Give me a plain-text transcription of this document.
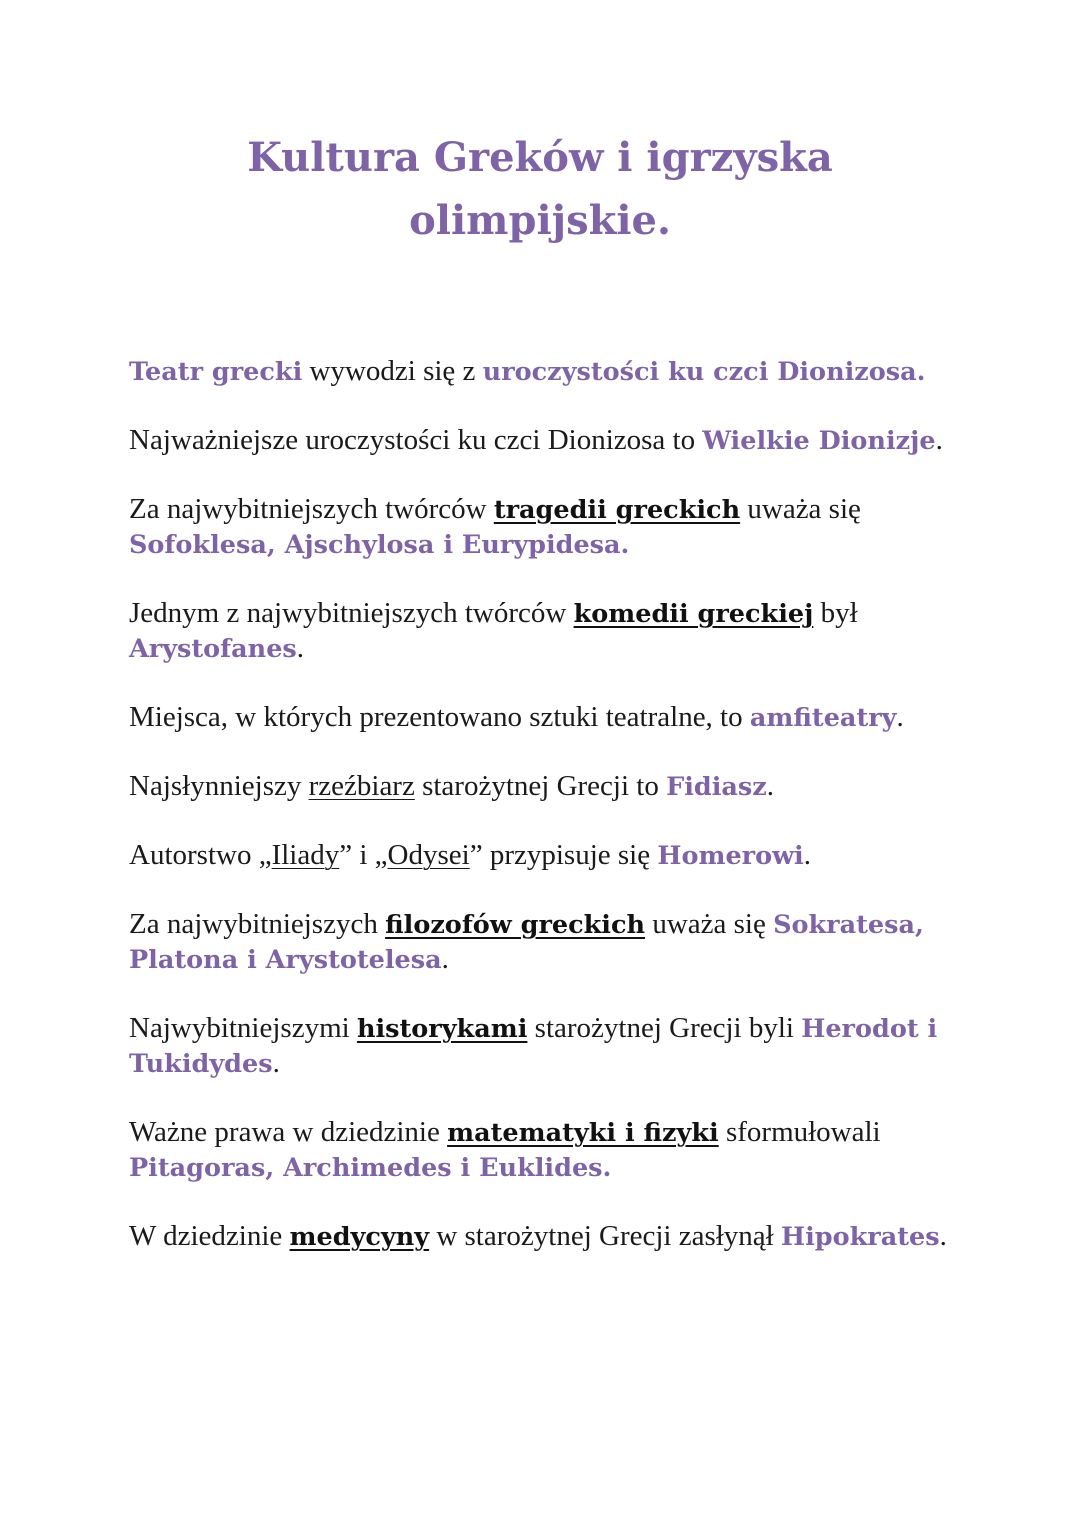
Kultura Greków i igrzyska
olimpijskie.

Teatr grecki wywodzi się z uroczystości ku czci Dionizosa.

Najważniejsze uroczystości ku czci Dionizosa to Wielkie Dionizje.

Za najwybitniejszych twórców tragedii greckich uważa się Sofoklesa, Ajschylosa i Eurypidesa.

Jednym z najwybitniejszych twórców komedii greckiej był Arystofanes.

Miejsca, w których prezentowano sztuki teatralne, to amfiteatry.

Najsłynniejszy rzeźbiarz starożytnej Grecji to Fidiasz.

Autorstwo „Iliady” i „Odysei” przypisuje się Homerowi.

Za najwybitniejszych filozofów greckich uważa się Sokratesa, Platona i Arystotelesa.

Najwybitniejszymi historykami starożytnej Grecji byli Herodot i Tukidydes.

Ważne prawa w dziedzinie matematyki i fizyki sformułowali Pitagoras, Archimedes i Euklides.

W dziedzinie medycyny w starożytnej Grecji zasłynął Hipokrates.
